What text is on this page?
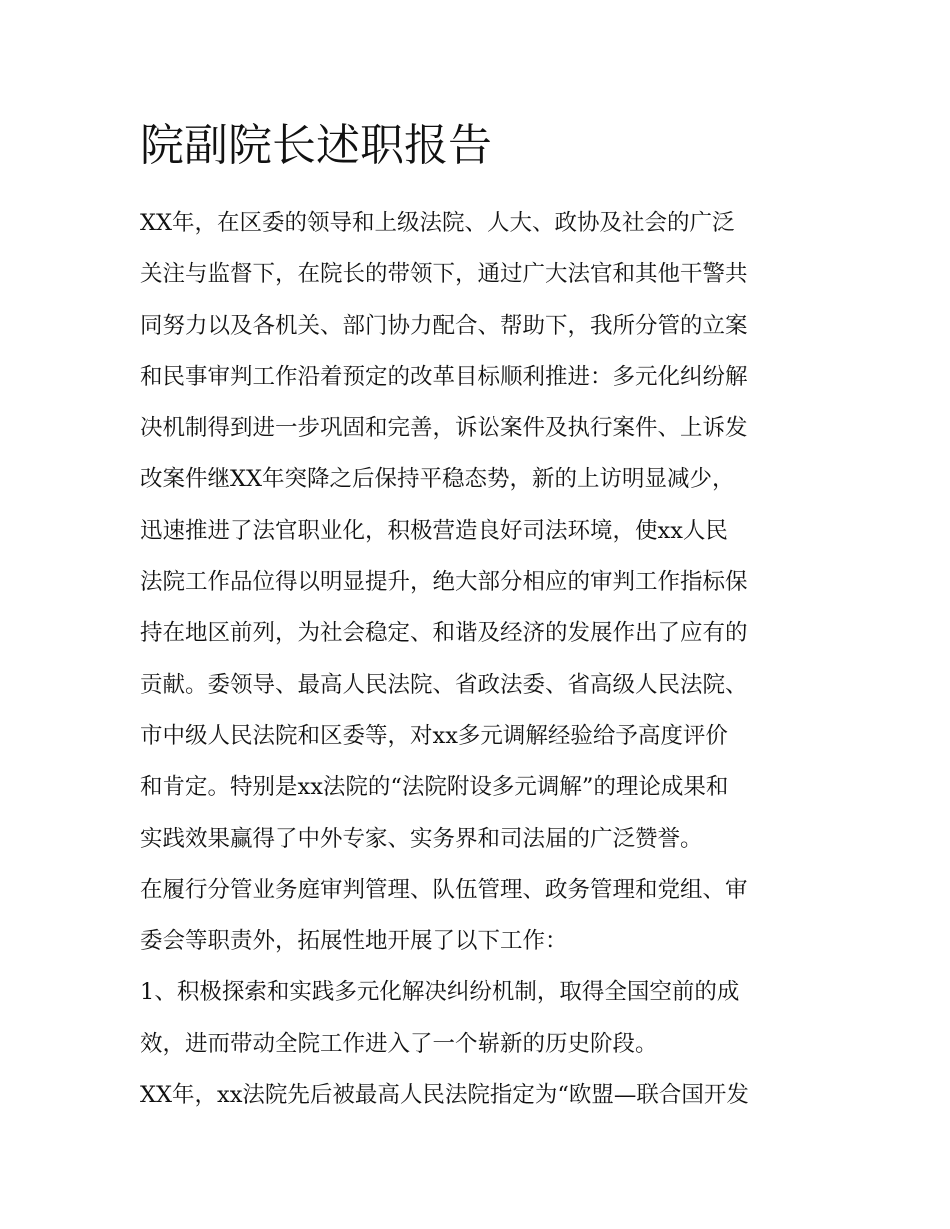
院副院长述职报告
XX年，在区委的领导和上级法院、人大、政协及社会的广泛
关注与监督下，在院长的带领下，通过广大法官和其他干警共
同努力以及各机关、部门协力配合、帮助下，我所分管的立案
和民事审判工作沿着预定的改革目标顺利推进：多元化纠纷解
决机制得到进一步巩固和完善，诉讼案件及执行案件、上诉发
改案件继XX年突降之后保持平稳态势，新的上访明显减少，
迅速推进了法官职业化，积极营造良好司法环境，使xx人民
法院工作品位得以明显提升，绝大部分相应的审判工作指标保
持在地区前列，为社会稳定、和谐及经济的发展作出了应有的
贡献。委领导、最高人民法院、省政法委、省高级人民法院、
市中级人民法院和区委等，对xx多元调解经验给予高度评价
和肯定。特别是xx法院的“法院附设多元调解”的理论成果和
实践效果赢得了中外专家、实务界和司法届的广泛赞誉。
在履行分管业务庭审判管理、队伍管理、政务管理和党组、审
委会等职责外，拓展性地开展了以下工作：
1、积极探索和实践多元化解决纠纷机制，取得全国空前的成
效，进而带动全院工作进入了一个崭新的历史阶段。
XX年，xx法院先后被最高人民法院指定为“欧盟—联合国开发
